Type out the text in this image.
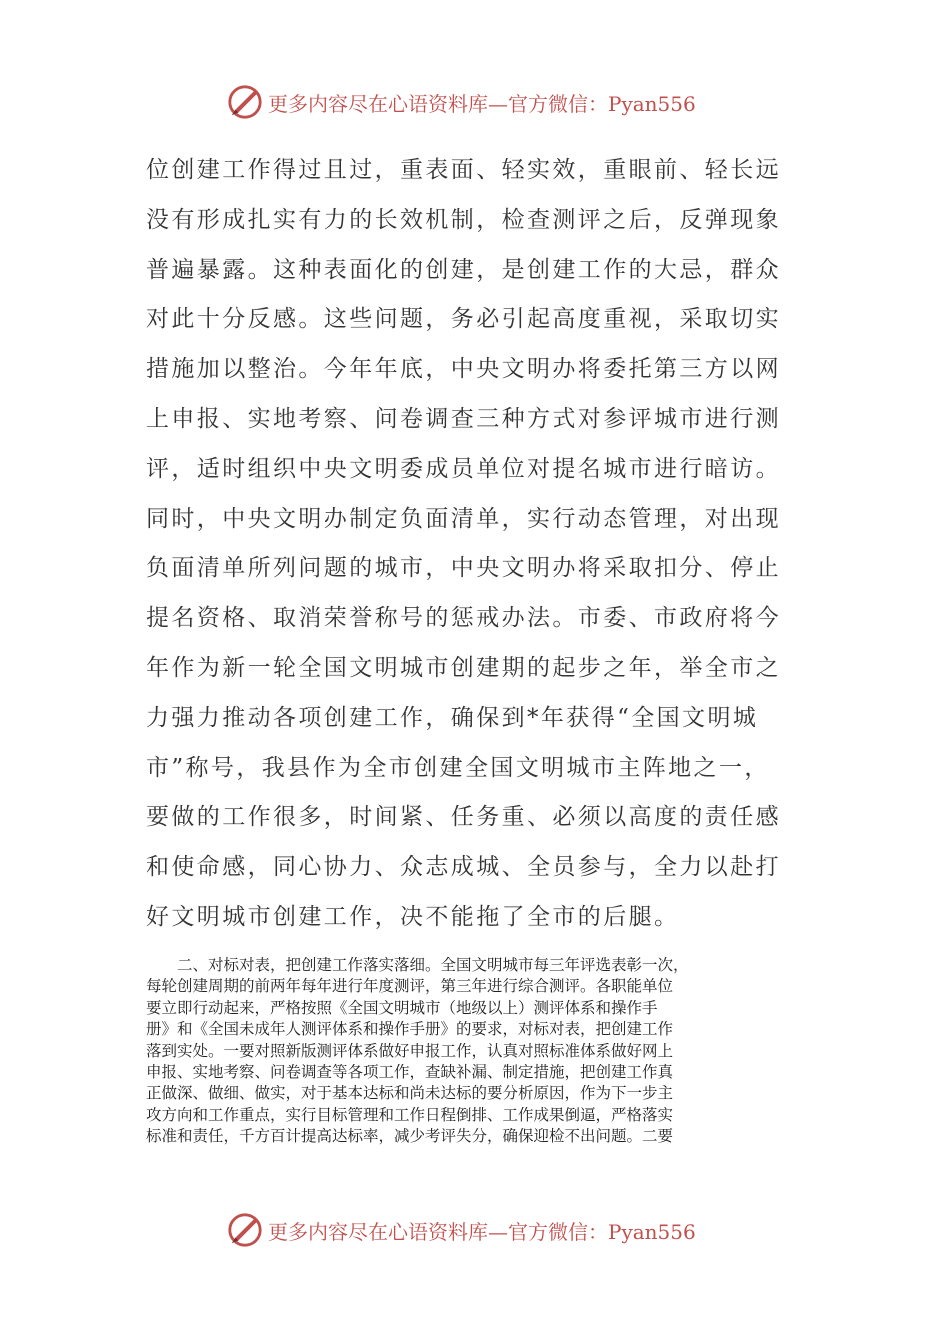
更多内容尽在心语资料库—官方微信：Pyan556
位创建工作得过且过，重表面、轻实效，重眼前、轻长远
没有形成扎实有力的长效机制，检查测评之后，反弹现象
普遍暴露。这种表面化的创建，是创建工作的大忌，群众
对此十分反感。这些问题，务必引起高度重视，采取切实
措施加以整治。今年年底，中央文明办将委托第三方以网
上申报、实地考察、问卷调查三种方式对参评城市进行测
评，适时组织中央文明委成员单位对提名城市进行暗访。
同时，中央文明办制定负面清单，实行动态管理，对出现
负面清单所列问题的城市，中央文明办将采取扣分、停止
提名资格、取消荣誉称号的惩戒办法。市委、市政府将今
年作为新一轮全国文明城市创建期的起步之年，举全市之
力强力推动各项创建工作，确保到*年获得“全国文明城
市”称号，我县作为全市创建全国文明城市主阵地之一，
要做的工作很多，时间紧、任务重、必须以高度的责任感
和使命感，同心协力、众志成城、全员参与，全力以赴打
好文明城市创建工作，决不能拖了全市的后腿。
　　二、对标对表，把创建工作落实落细。全国文明城市每三年评选表彰一次，
每轮创建周期的前两年每年进行年度测评，第三年进行综合测评。各职能单位
要立即行动起来，严格按照《全国文明城市（地级以上）测评体系和操作手
册》和《全国未成年人测评体系和操作手册》的要求，对标对表，把创建工作
落到实处。一要对照新版测评体系做好申报工作，认真对照标准体系做好网上
申报、实地考察、问卷调查等各项工作，查缺补漏、制定措施，把创建工作真
正做深、做细、做实，对于基本达标和尚未达标的要分析原因，作为下一步主
攻方向和工作重点，实行目标管理和工作日程倒排、工作成果倒逼，严格落实
标准和责任，千方百计提高达标率，减少考评失分，确保迎检不出问题。二要
更多内容尽在心语资料库—官方微信：Pyan556
